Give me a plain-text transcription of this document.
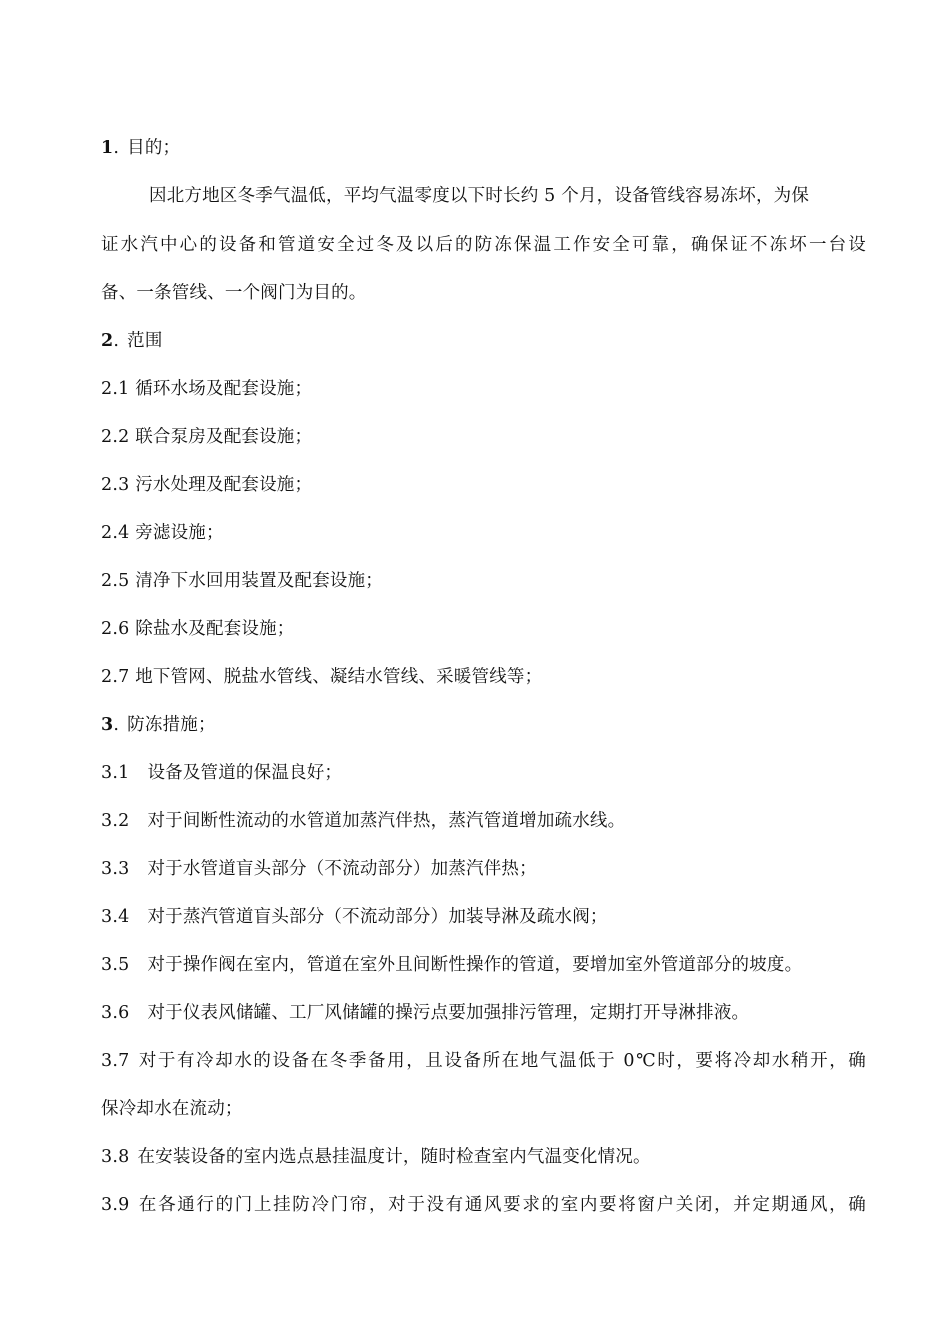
1. 目的；
因北方地区冬季气温低，平均气温零度以下时长约 5 个月，设备管线容易冻坏，为保
证水汽中心的设备和管道安全过冬及以后的防冻保温工作安全可靠，确保证不冻坏一台设
备、一条管线、一个阀门为目的。
2. 范围
2.1 循环水场及配套设施；
2.2 联合泵房及配套设施；
2.3 污水处理及配套设施；
2.4 旁滤设施；
2.5 清净下水回用装置及配套设施；
2.6 除盐水及配套设施；
2.7 地下管网、脱盐水管线、凝结水管线、采暖管线等；
3. 防冻措施；
3.1 设备及管道的保温良好；
3.2 对于间断性流动的水管道加蒸汽伴热，蒸汽管道增加疏水线。
3.3 对于水管道盲头部分（不流动部分）加蒸汽伴热；
3.4 对于蒸汽管道盲头部分（不流动部分）加装导淋及疏水阀；
3.5 对于操作阀在室内，管道在室外且间断性操作的管道，要增加室外管道部分的坡度。
3.6 对于仪表风储罐、工厂风储罐的操污点要加强排污管理，定期打开导淋排液。
3.7 对于有冷却水的设备在冬季备用，且设备所在地气温低于 0℃时，要将冷却水稍开，确
保冷却水在流动；
3.8 在安装设备的室内选点悬挂温度计，随时检查室内气温变化情况。
3.9 在各通行的门上挂防冷门帘，对于没有通风要求的室内要将窗户关闭，并定期通风，确
